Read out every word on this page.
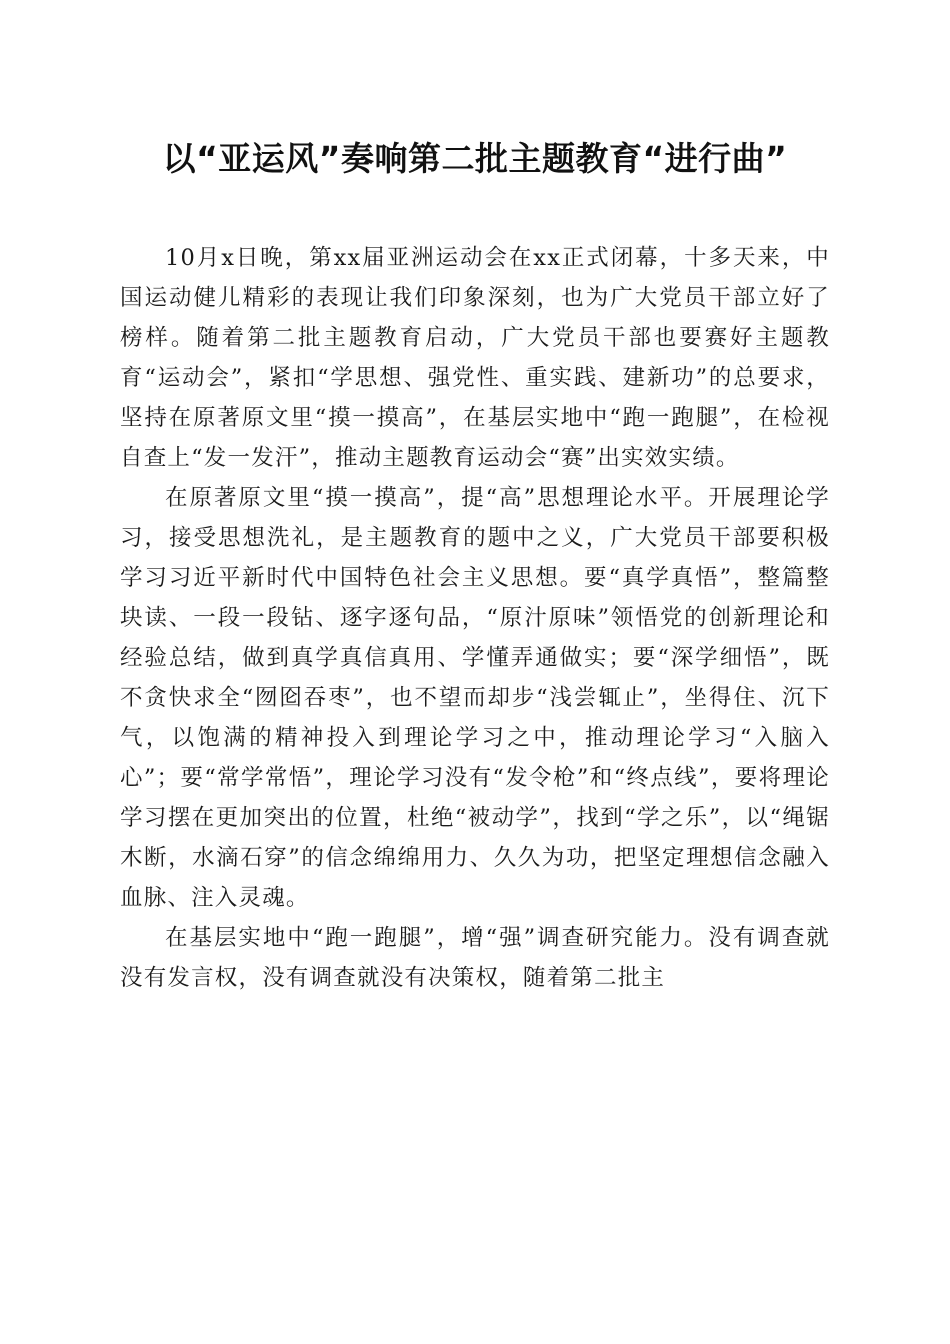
以“亚运风”奏响第二批主题教育“进行曲”

10月x日晚，第xx届亚洲运动会在xx正式闭幕，十多天来，中国运动健儿精彩的表现让我们印象深刻，也为广大党员干部立好了榜样。随着第二批主题教育启动，广大党员干部也要赛好主题教育“运动会”，紧扣“学思想、强党性、重实践、建新功”的总要求，坚持在原著原文里“摸一摸高”，在基层实地中“跑一跑腿”，在检视自查上“发一发汗”，推动主题教育运动会“赛”出实效实绩。

在原著原文里“摸一摸高”，提“高”思想理论水平。开展理论学习，接受思想洗礼，是主题教育的题中之义，广大党员干部要积极学习习近平新时代中国特色社会主义思想。要“真学真悟”，整篇整块读、一段一段钻、逐字逐句品，“原汁原味”领悟党的创新理论和经验总结，做到真学真信真用、学懂弄通做实；要“深学细悟”，既不贪快求全“囫囵吞枣”，也不望而却步“浅尝辄止”，坐得住、沉下气，以饱满的精神投入到理论学习之中，推动理论学习“入脑入心”；要“常学常悟”，理论学习没有“发令枪”和“终点线”，要将理论学习摆在更加突出的位置，杜绝“被动学”，找到“学之乐”，以“绳锯木断，水滴石穿”的信念绵绵用力、久久为功，把坚定理想信念融入血脉、注入灵魂。

在基层实地中“跑一跑腿”，增“强”调查研究能力。没有调查就没有发言权，没有调查就没有决策权，随着第二批主
